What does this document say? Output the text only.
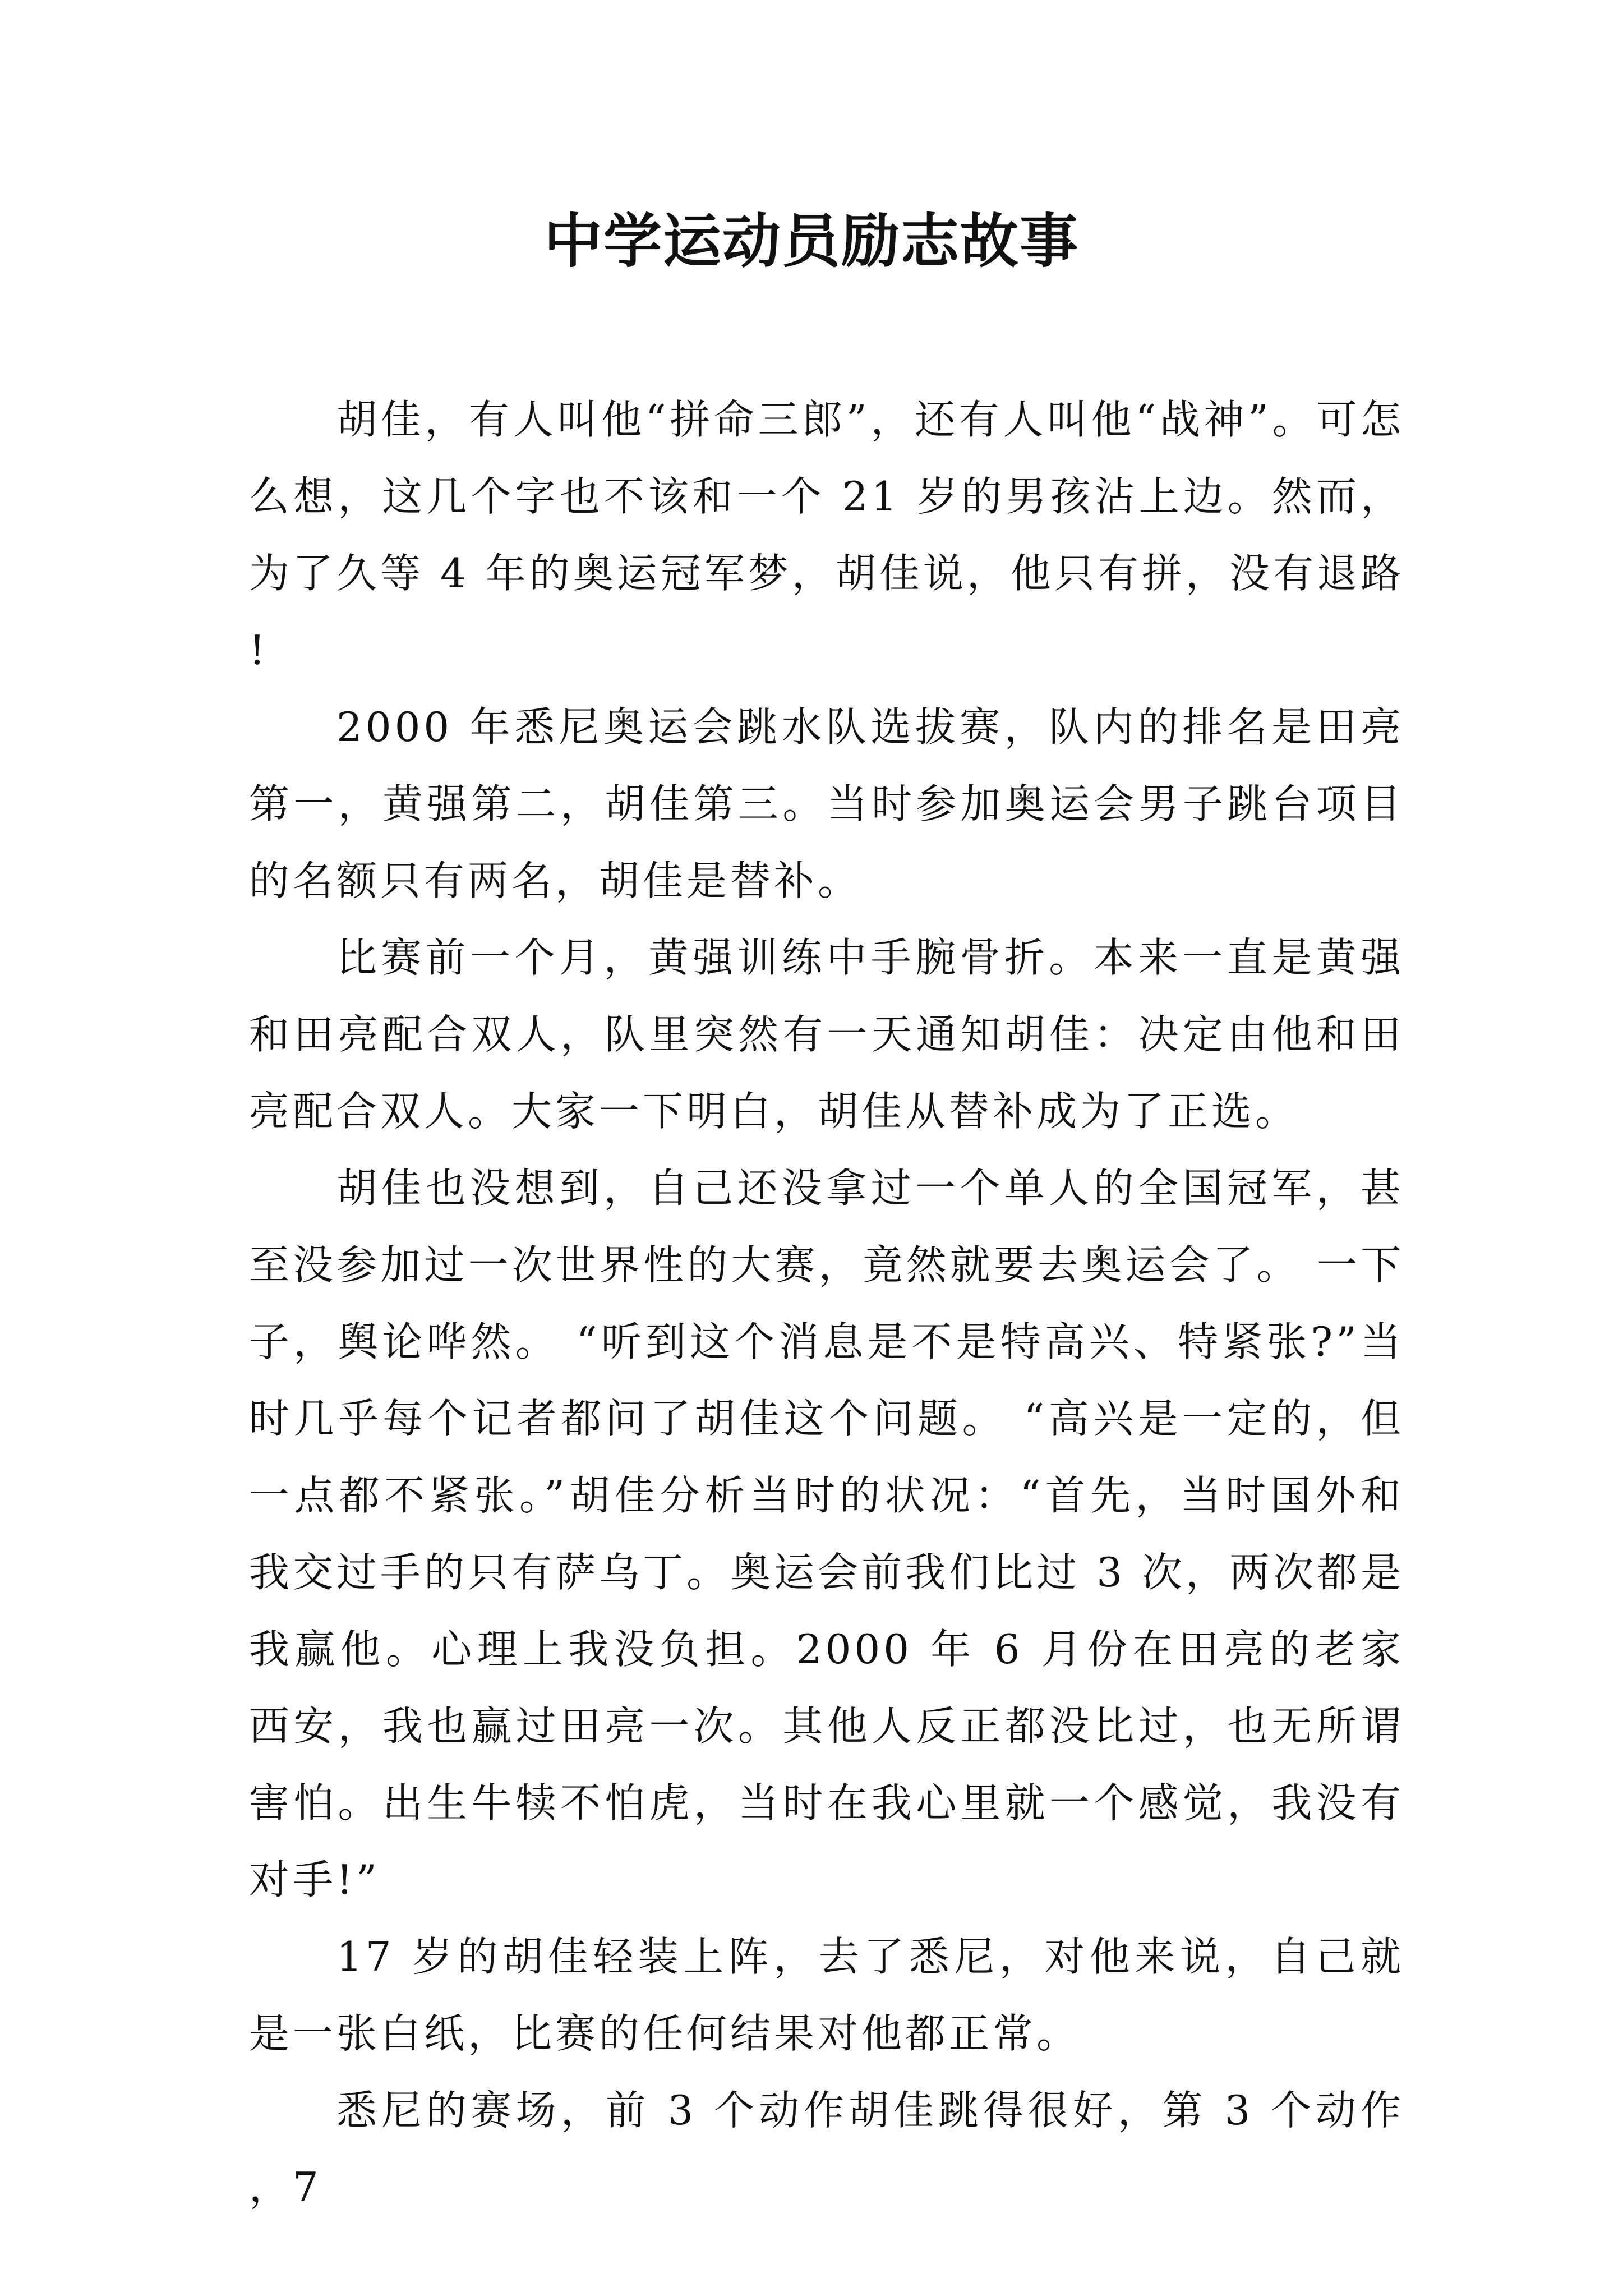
中学运动员励志故事

胡佳，有人叫他“拼命三郎”，还有人叫他“战神”。可怎么想，这几个字也不该和一个 21 岁的男孩沾上边。然而，为了久等 4 年的奥运冠军梦，胡佳说，他只有拼，没有退路!

2000 年悉尼奥运会跳水队选拔赛，队内的排名是田亮第一，黄强第二，胡佳第三。当时参加奥运会男子跳台项目的名额只有两名，胡佳是替补。

比赛前一个月，黄强训练中手腕骨折。本来一直是黄强和田亮配合双人，队里突然有一天通知胡佳：决定由他和田亮配合双人。大家一下明白，胡佳从替补成为了正选。

胡佳也没想到，自己还没拿过一个单人的全国冠军，甚至没参加过一次世界性的大赛，竟然就要去奥运会了。 一下子，舆论哗然。 “听到这个消息是不是特高兴、特紧张?”当时几乎每个记者都问了胡佳这个问题。 “高兴是一定的，但一点都不紧张。”胡佳分析当时的状况：“首先，当时国外和我交过手的只有萨乌丁。奥运会前我们比过 3 次，两次都是我赢他。心理上我没负担。2000 年 6 月份在田亮的老家西安，我也赢过田亮一次。其他人反正都没比过，也无所谓害怕。出生牛犊不怕虎，当时在我心里就一个感觉，我没有对手!”

17 岁的胡佳轻装上阵，去了悉尼，对他来说，自己就是一张白纸，比赛的任何结果对他都正常。

悉尼的赛场，前 3 个动作胡佳跳得很好，第 3 个动作，7
